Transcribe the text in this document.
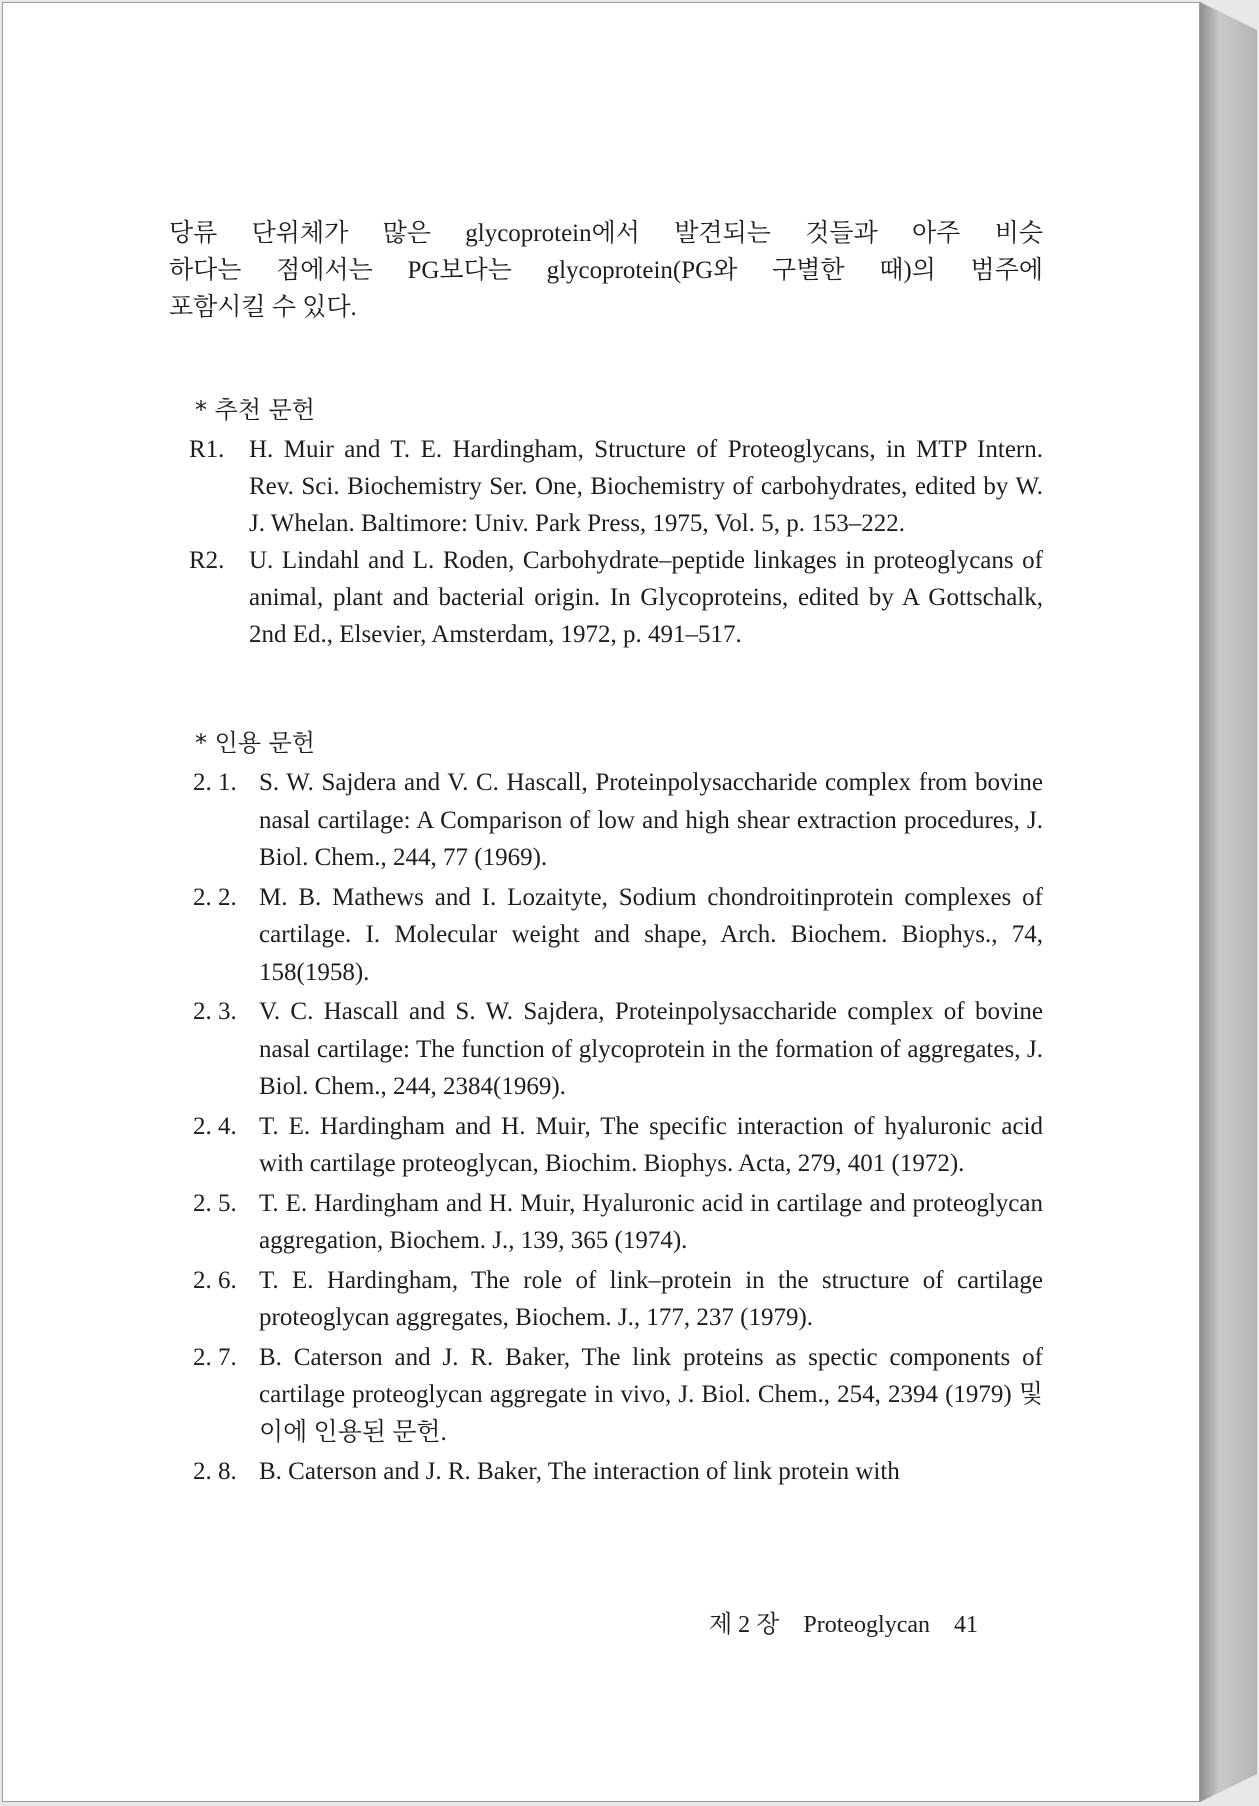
당류 단위체가 많은 glycoprotein에서 발견되는 것들과 아주 비슷

하다는 점에서는 PG보다는 glycoprotein(PG와 구별한 때)의 범주에

포함시킬 수 있다.

* 추천 문헌
R1. H. Muir and T. E. Hardingham, Structure of Proteoglycans, in MTP Intern. Rev. Sci. Biochemistry Ser. One, Biochemistry of carbohydrates, edited by W. J. Whelan. Baltimore: Univ. Park Press, 1975, Vol. 5, p. 153–222.
R2. U. Lindahl and L. Roden, Carbohydrate–peptide linkages in proteoglycans of animal, plant and bacterial origin. In Glycoproteins, edited by A Gottschalk, 2nd Ed., Elsevier, Amsterdam, 1972, p. 491–517.
* 인용 문헌
2. 1. S. W. Sajdera and V. C. Hascall, Proteinpolysaccharide complex from bovine nasal cartilage: A Comparison of low and high shear extraction procedures, J. Biol. Chem., 244, 77 (1969).
2. 2. M. B. Mathews and I. Lozaityte, Sodium chondroitinprotein complexes of cartilage. I. Molecular weight and shape, Arch. Biochem. Biophys., 74, 158(1958).
2. 3. V. C. Hascall and S. W. Sajdera, Proteinpolysaccharide complex of bovine nasal cartilage: The function of glycoprotein in the formation of aggregates, J. Biol. Chem., 244, 2384(1969).
2. 4. T. E. Hardingham and H. Muir, The specific interaction of hyaluronic acid with cartilage proteoglycan, Biochim. Biophys. Acta, 279, 401 (1972).
2. 5. T. E. Hardingham and H. Muir, Hyaluronic acid in cartilage and proteoglycan aggregation, Biochem. J., 139, 365 (1974).
2. 6. T. E. Hardingham, The role of link–protein in the structure of cartilage proteoglycan aggregates, Biochem. J., 177, 237 (1979).
2. 7. B. Caterson and J. R. Baker, The link proteins as spectic components of cartilage proteoglycan aggregate in vivo, J. Biol. Chem., 254, 2394 (1979) 및 이에 인용된 문헌.
2. 8. B. Caterson and J. R. Baker, The interaction of link protein with
제 2 장 Proteoglycan 41
